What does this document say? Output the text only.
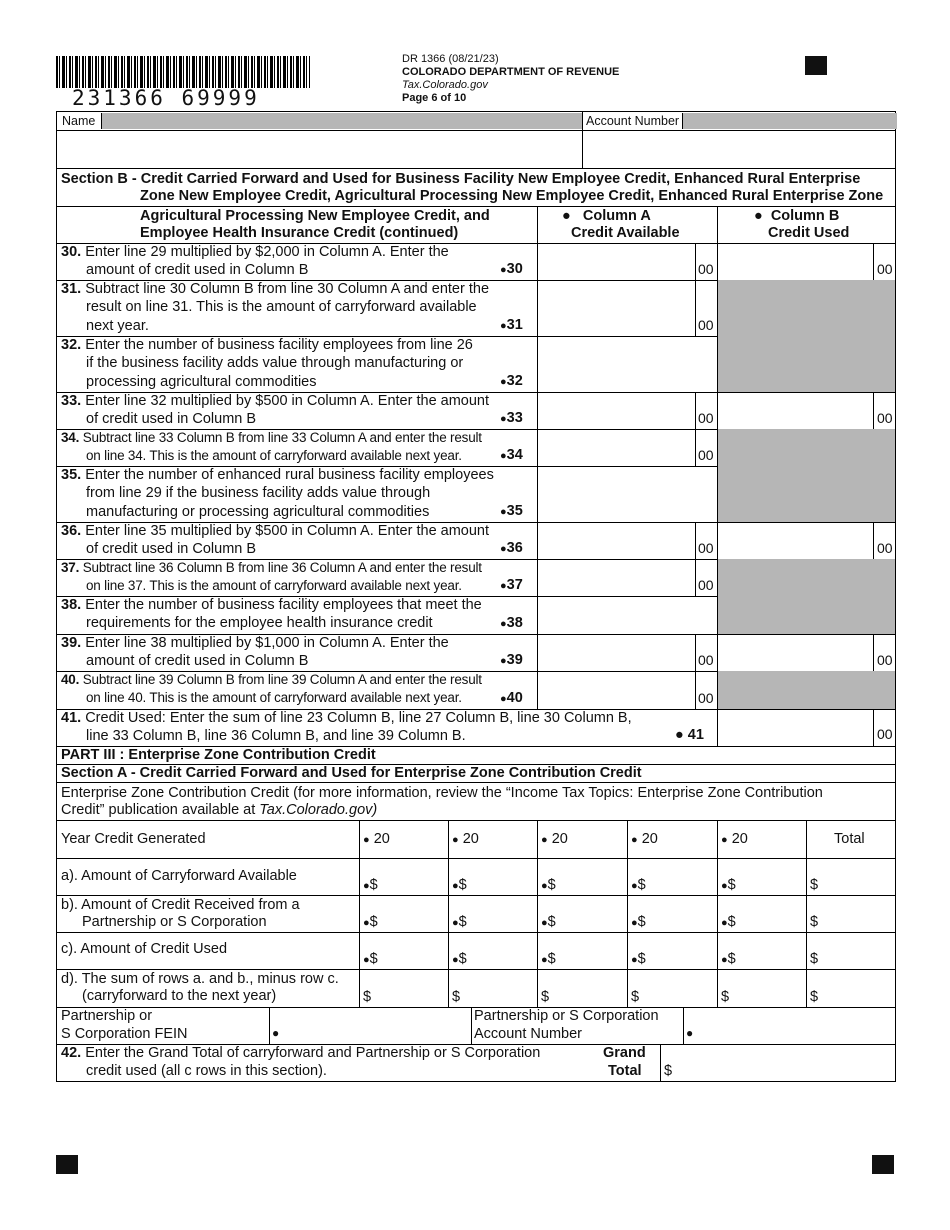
231366 69999
DR 1366 (08/21/23)
COLORADO DEPARTMENT OF REVENUE
Tax.Colorado.gov
Page 6 of 10
Name	Account Number
Section B - Credit Carried Forward and Used for Business Facility New Employee Credit, Enhanced Rural Enterprise
Zone New Employee Credit, Agricultural Processing New Employee Credit, Enhanced Rural Enterprise Zone
Agricultural Processing New Employee Credit, and
Employee Health Insurance Credit (continued)
● Column A
Credit Available
● Column B
Credit Used
30. Enter line 29 multiplied by $2,000 in Column A. Enter the
amount of credit used in Column B	●30	00	00
31. Subtract line 30 Column B from line 30 Column A and enter the
result on line 31. This is the amount of carryforward available
next year.	●31	00
32. Enter the number of business facility employees from line 26
if the business facility adds value through manufacturing or
processing agricultural commodities	●32
33. Enter line 32 multiplied by $500 in Column A. Enter the amount
of credit used in Column B	●33	00	00
34. Subtract line 33 Column B from line 33 Column A and enter the result
on line 34. This is the amount of carryforward available next year.	●34	00
35. Enter the number of enhanced rural business facility employees
from line 29 if the business facility adds value through
manufacturing or processing agricultural commodities	●35
36. Enter line 35 multiplied by $500 in Column A. Enter the amount
of credit used in Column B	●36	00	00
37. Subtract line 36 Column B from line 36 Column A and enter the result
on line 37. This is the amount of carryforward available next year.	●37	00
38. Enter the number of business facility employees that meet the
requirements for the employee health insurance credit	●38
39. Enter line 38 multiplied by $1,000 in Column A. Enter the
amount of credit used in Column B	●39	00	00
40. Subtract line 39 Column B from line 39 Column A and enter the result
on line 40. This is the amount of carryforward available next year.	●40	00
41. Credit Used: Enter the sum of line 23 Column B, line 27 Column B, line 30 Column B,
line 33 Column B, line 36 Column B, and line 39 Column B.	● 41	00
PART III : Enterprise Zone Contribution Credit
Section A - Credit Carried Forward and Used for Enterprise Zone Contribution Credit
Enterprise Zone Contribution Credit (for more information, review the “Income Tax Topics: Enterprise Zone Contribution
Credit” publication available at Tax.Colorado.gov)
Year Credit Generated	● 20	● 20	● 20	● 20	● 20	Total
a). Amount of Carryforward Available
●$	●$	●$	●$	●$	$
b). Amount of Credit Received from a
Partnership or S Corporation	●$	●$	●$	●$	●$	$
c). Amount of Credit Used
●$	●$	●$	●$	●$	$
d). The sum of rows a. and b., minus row c.
(carryforward to the next year)	$	$	$	$	$	$
Partnership or
S Corporation FEIN	●
Partnership or S Corporation
Account Number	●
42. Enter the Grand Total of carryforward and Partnership or S Corporation
credit used (all c rows in this section).
Grand
Total $
